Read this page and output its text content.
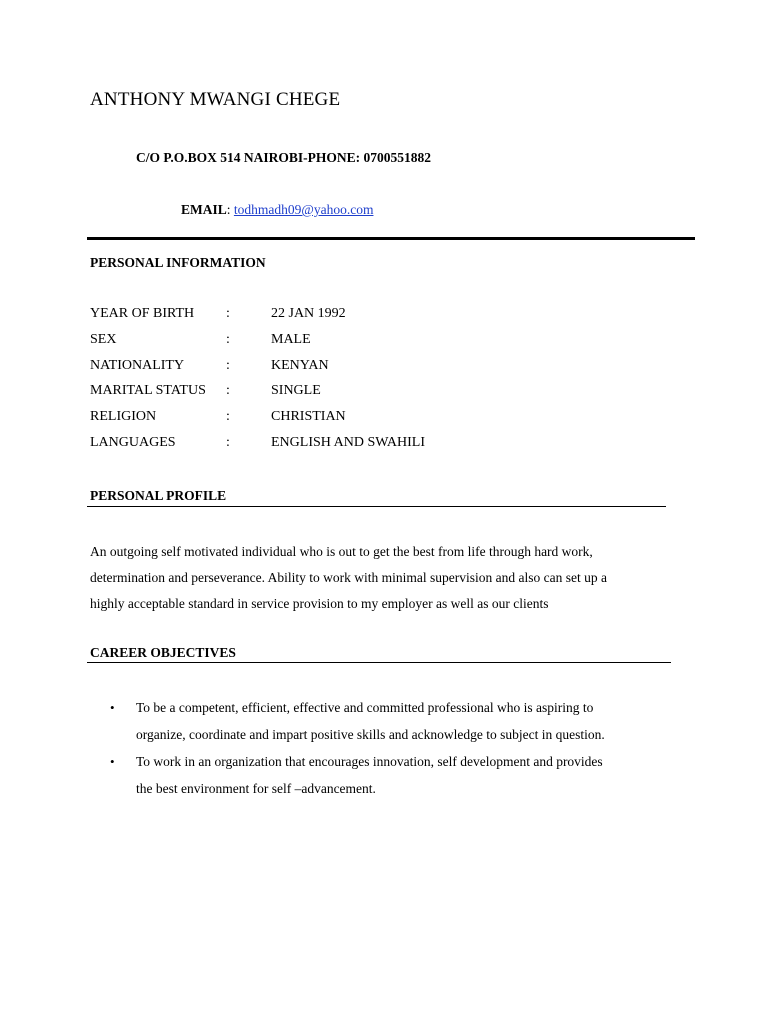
ANTHONY MWANGI CHEGE
C/O P.O.BOX 514 NAIROBI-PHONE: 0700551882
EMAIL: todhmadh09@yahoo.com
PERSONAL INFORMATION
YEAR OF BIRTH :	22 JAN 1992
SEX	:	MALE
NATIONALITY	:	KENYAN
MARITAL STATUS :	SINGLE
RELIGION	:	CHRISTIAN
LANGUAGES	:	ENGLISH AND SWAHILI
PERSONAL PROFILE

An outgoing self motivated individual who is out to get the best from life through hard work,

determination and perseverance. Ability to work with minimal supervision and also can set up a

highly acceptable standard in service provision to my employer as well as our clients

CAREER OBJECTIVES
• To be a competent, efficient, effective and committed professional who is aspiring to

organize, coordinate and impart positive skills and acknowledge to subject in question.

• To work in an organization that encourages innovation, self development and provides

the best environment for self –advancement.
